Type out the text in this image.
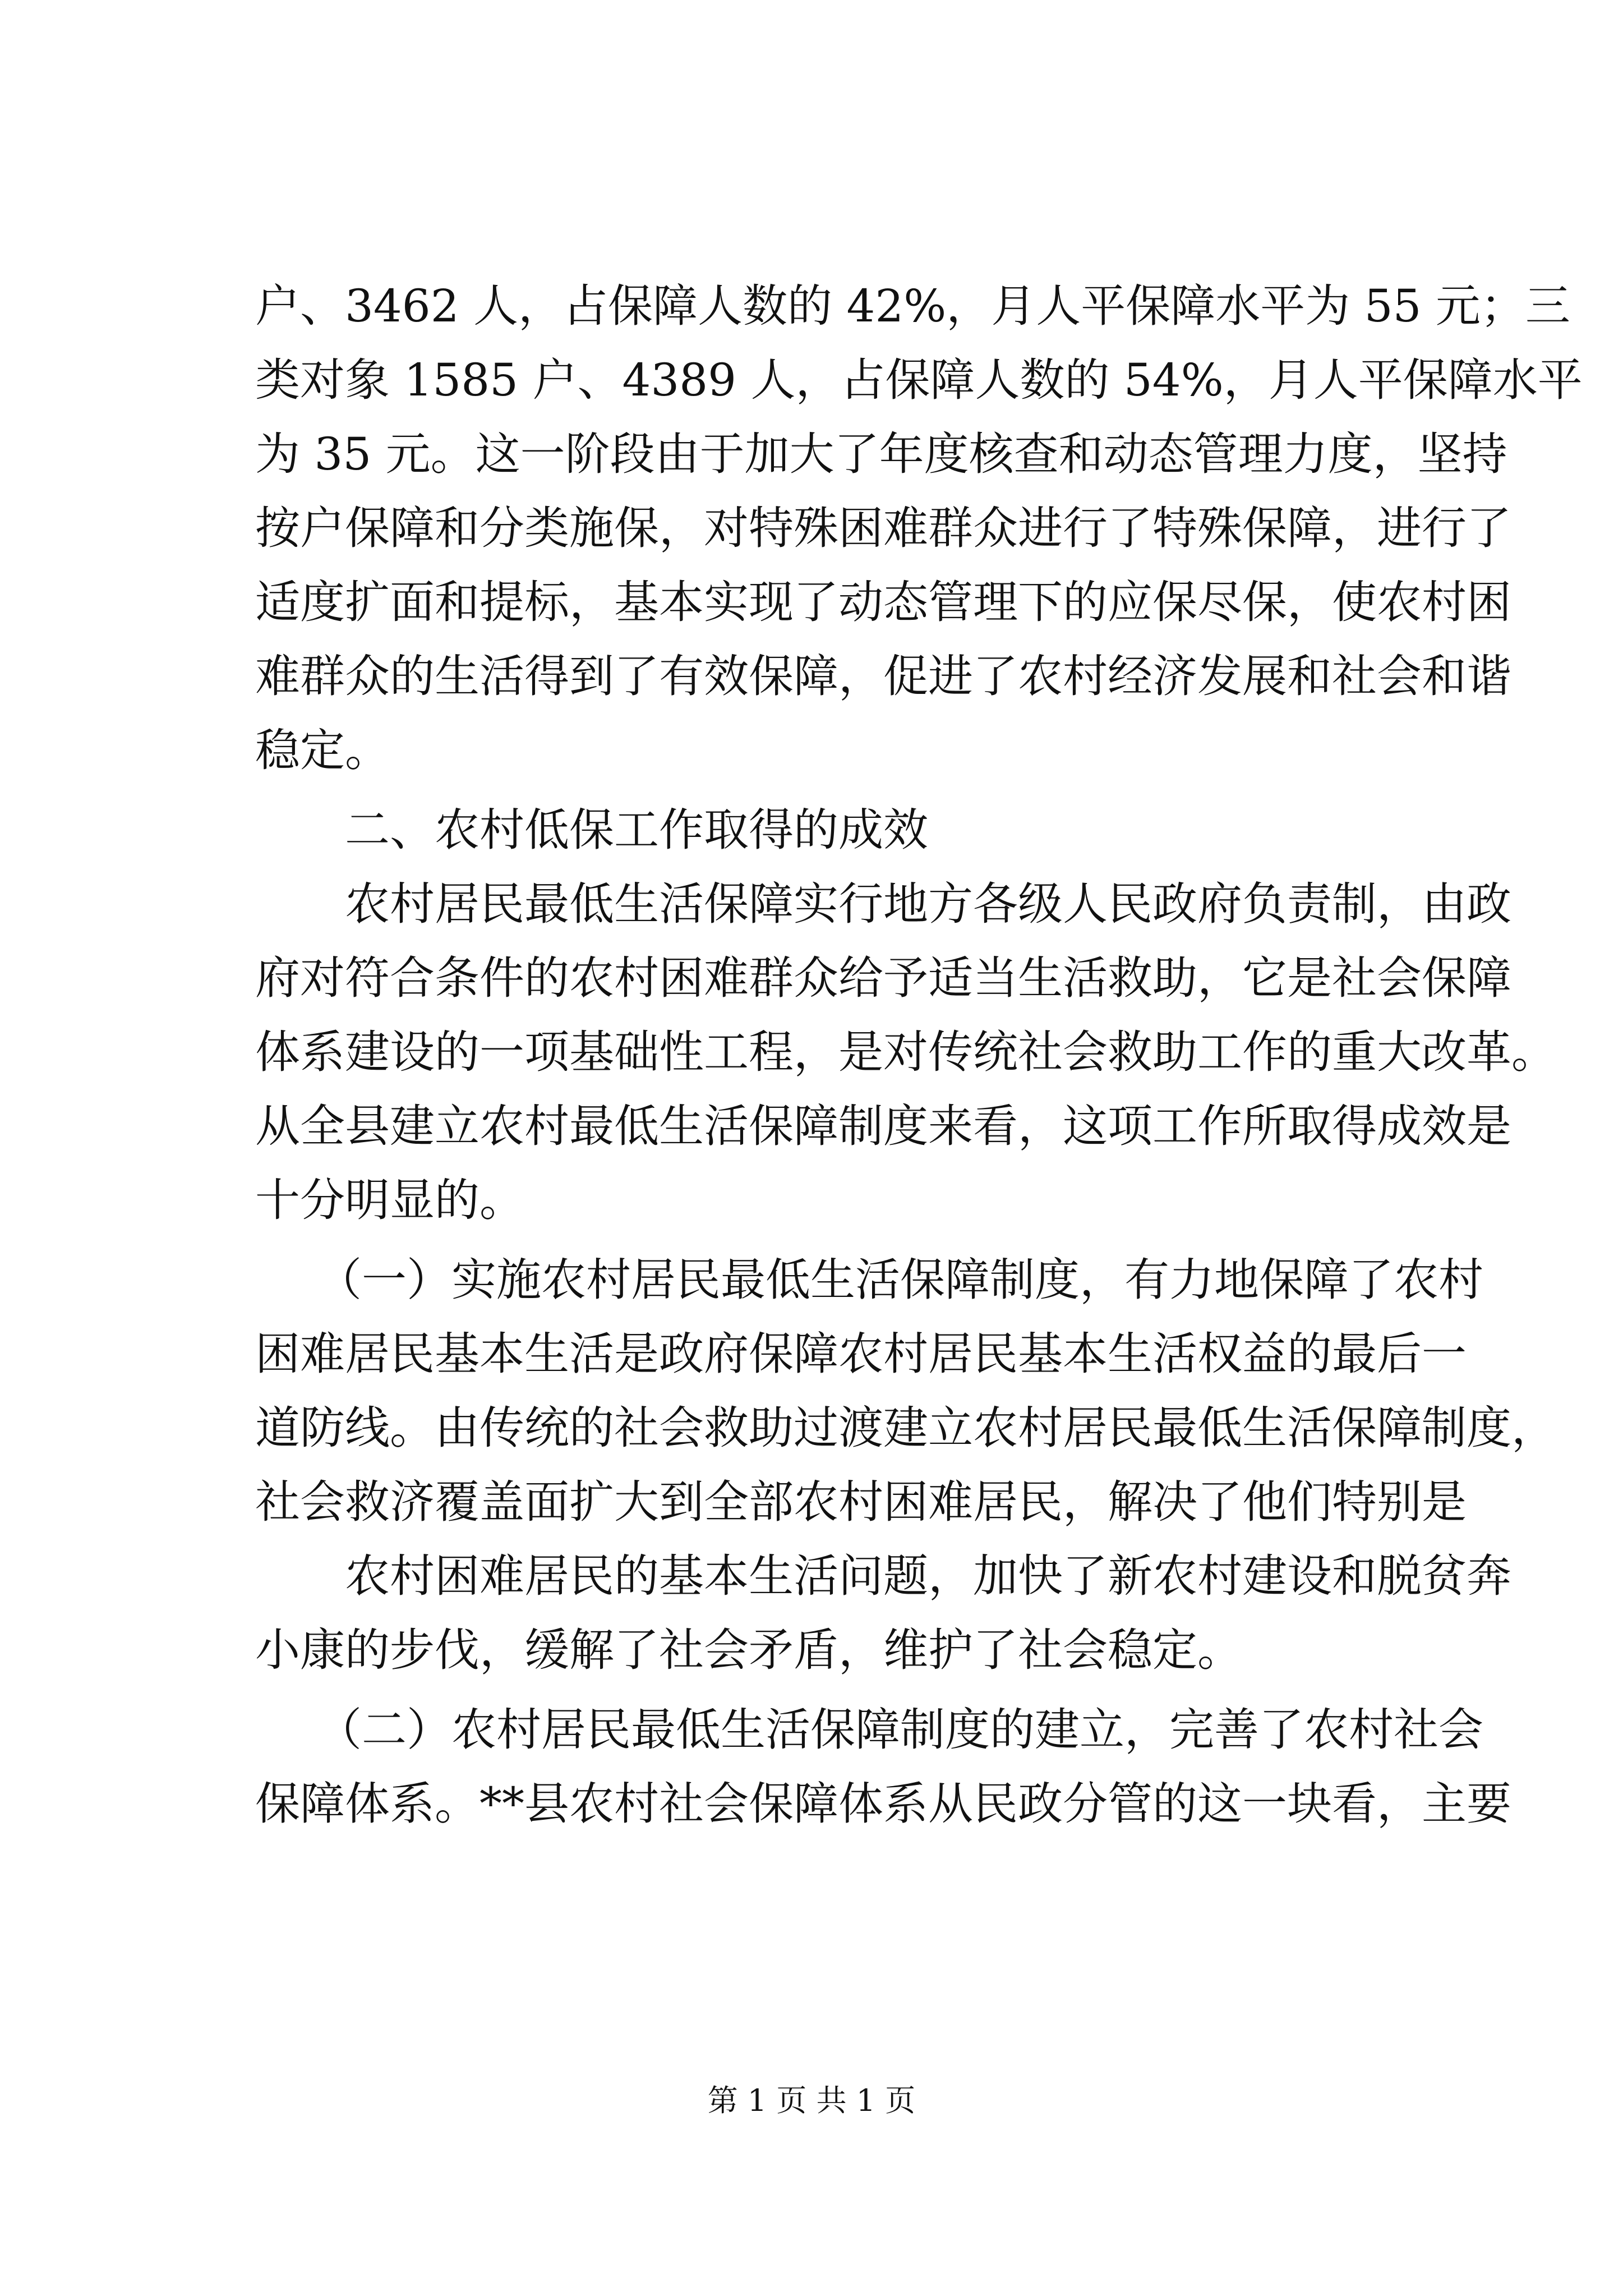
户、3462 人，占保障人数的 42%，月人平保障水平为 55 元；三
类对象 1585 户、4389 人，占保障人数的 54%，月人平保障水平
为 35 元。这一阶段由于加大了年度核查和动态管理力度，坚持
按户保障和分类施保，对特殊困难群众进行了特殊保障，进行了
适度扩面和提标，基本实现了动态管理下的应保尽保，使农村困
难群众的生活得到了有效保障，促进了农村经济发展和社会和谐
稳定。
二、农村低保工作取得的成效
农村居民最低生活保障实行地方各级人民政府负责制，由政
府对符合条件的农村困难群众给予适当生活救助，它是社会保障
体系建设的一项基础性工程，是对传统社会救助工作的重大改革。
从全县建立农村最低生活保障制度来看，这项工作所取得成效是
十分明显的。
（一）实施农村居民最低生活保障制度，有力地保障了农村
困难居民基本生活是政府保障农村居民基本生活权益的最后一
道防线。由传统的社会救助过渡建立农村居民最低生活保障制度，
社会救济覆盖面扩大到全部农村困难居民，解决了他们特别是
农村困难居民的基本生活问题，加快了新农村建设和脱贫奔
小康的步伐，缓解了社会矛盾，维护了社会稳定。
（二）农村居民最低生活保障制度的建立，完善了农村社会
保障体系。**县农村社会保障体系从民政分管的这一块看，主要
第 1 页 共 1 页
